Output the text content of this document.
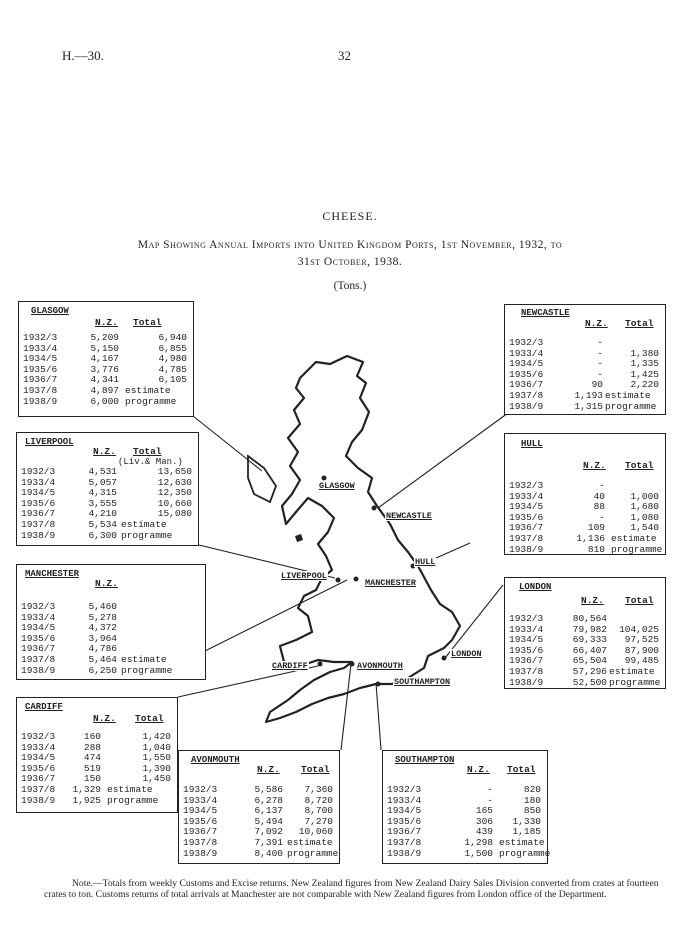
H.—30.	32
CHEESE.
Map Showing Annual Imports into United Kingdom Ports, 1st November, 1932, to
31st October, 1938.
(Tons.)
GLASGOW
NEWCASTLE
HULL
LIVERPOOL
MANCHESTER
CARDIFF	AVONMOUTH
LONDON
SOUTHAMPTON
GLASGOW
N.Z. Total
1932/3	5,209	6,940
1933/4	5,150	6,855
1934/5	4,167	4,980
1935/6	3,776	4,785
1936/7	4,341	6,105
1937/8	4,897 estimate
1938/9	6,000 programme
LIVERPOOL
N.Z. Total
(Liv.& Man.)
1932/3	4,531	13,650
1933/4	5,057	12,630
1934/5	4,315	12,350
1935/6	3,555	10,660
1936/7	4,210	15,080
1937/8	5,534 estimate
1938/9	6,300 programme
MANCHESTER
N.Z.
1932/3	5,460
1933/4	5,278
1934/5	4,372
1935/6	3,964
1936/7	4,786
1937/8	5,464 estimate
1938/9	6,250 programme
CARDIFF
N.Z. Total
1932/3	160	1,420
1933/4	288	1,040
1934/5	474	1,550
1935/6	519	1,390
1936/7	150	1,450
1937/8	1,329 estimate
1938/9	1,925 programme
AVONMOUTH
N.Z. Total
1932/3	5,586	7,360
1933/4	6,278	8,720
1934/5	6,137	8,700
1935/6	5,494	7,270
1936/7	7,092	10,060
1937/8	7,391 estimate
1938/9	8,400 programme
SOUTHAMPTON
N.Z. Total
1932/3	-	820
1933/4	-	180
1934/5	165	850
1935/6	306	1,330
1936/7	439	1,185
1937/8	1,298 estimate
1938/9	1,500 programme
NEWCASTLE
N.Z. Total
1932/3	-
1933/4	-	1,380
1934/5	-	1,335
1935/6	-	1,425
1936/7	90	2,220
1937/8	1,193 estimate
1938/9	1,315 programme
HULL
N.Z. Total
1932/3	-
1933/4	40	1,000
1934/5	88	1,680
1935/6	-	1,080
1936/7	109	1,540
1937/8	1,136 estimate
1938/9	810 programme
LONDON
N.Z. Total
1932/3	80,564
1933/4	79,982	104,025
1934/5	69,333	97,525
1935/6	66,407	87,900
1936/7	65,504	99,485
1937/8	57,296 estimate
1938/9	52,500 programme
Note.—Totals from weekly Customs and Excise returns. New Zealand figures from New Zealand Dairy Sales Division converted from crates at fourteen crates to ton. Customs returns of total arrivals at Manchester are not comparable with New Zealand figures from London office of the Department.
